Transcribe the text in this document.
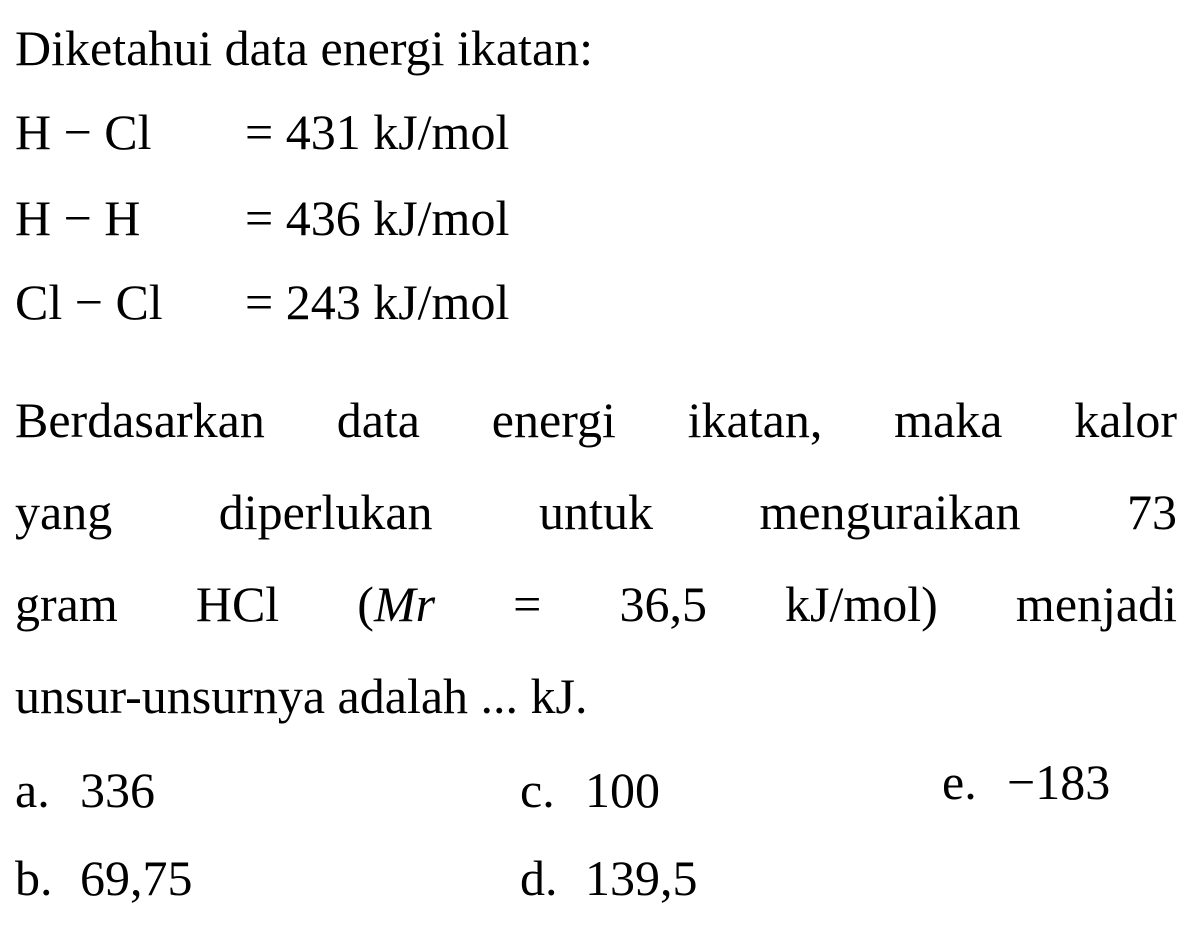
Diketahui data energi ikatan:
H − Cl = 431 kJ/mol
H − H = 436 kJ/mol
Cl − Cl = 243 kJ/mol
Berdasarkan data energi ikatan, maka kalor
yang diperlukan untuk menguraikan 73
gram HCl (Mr = 36,5 kJ/mol) menjadi
unsur-unsurnya adalah ... kJ.
a. 336
b. 69,75
c. 100
d. 139,5
e. −183
